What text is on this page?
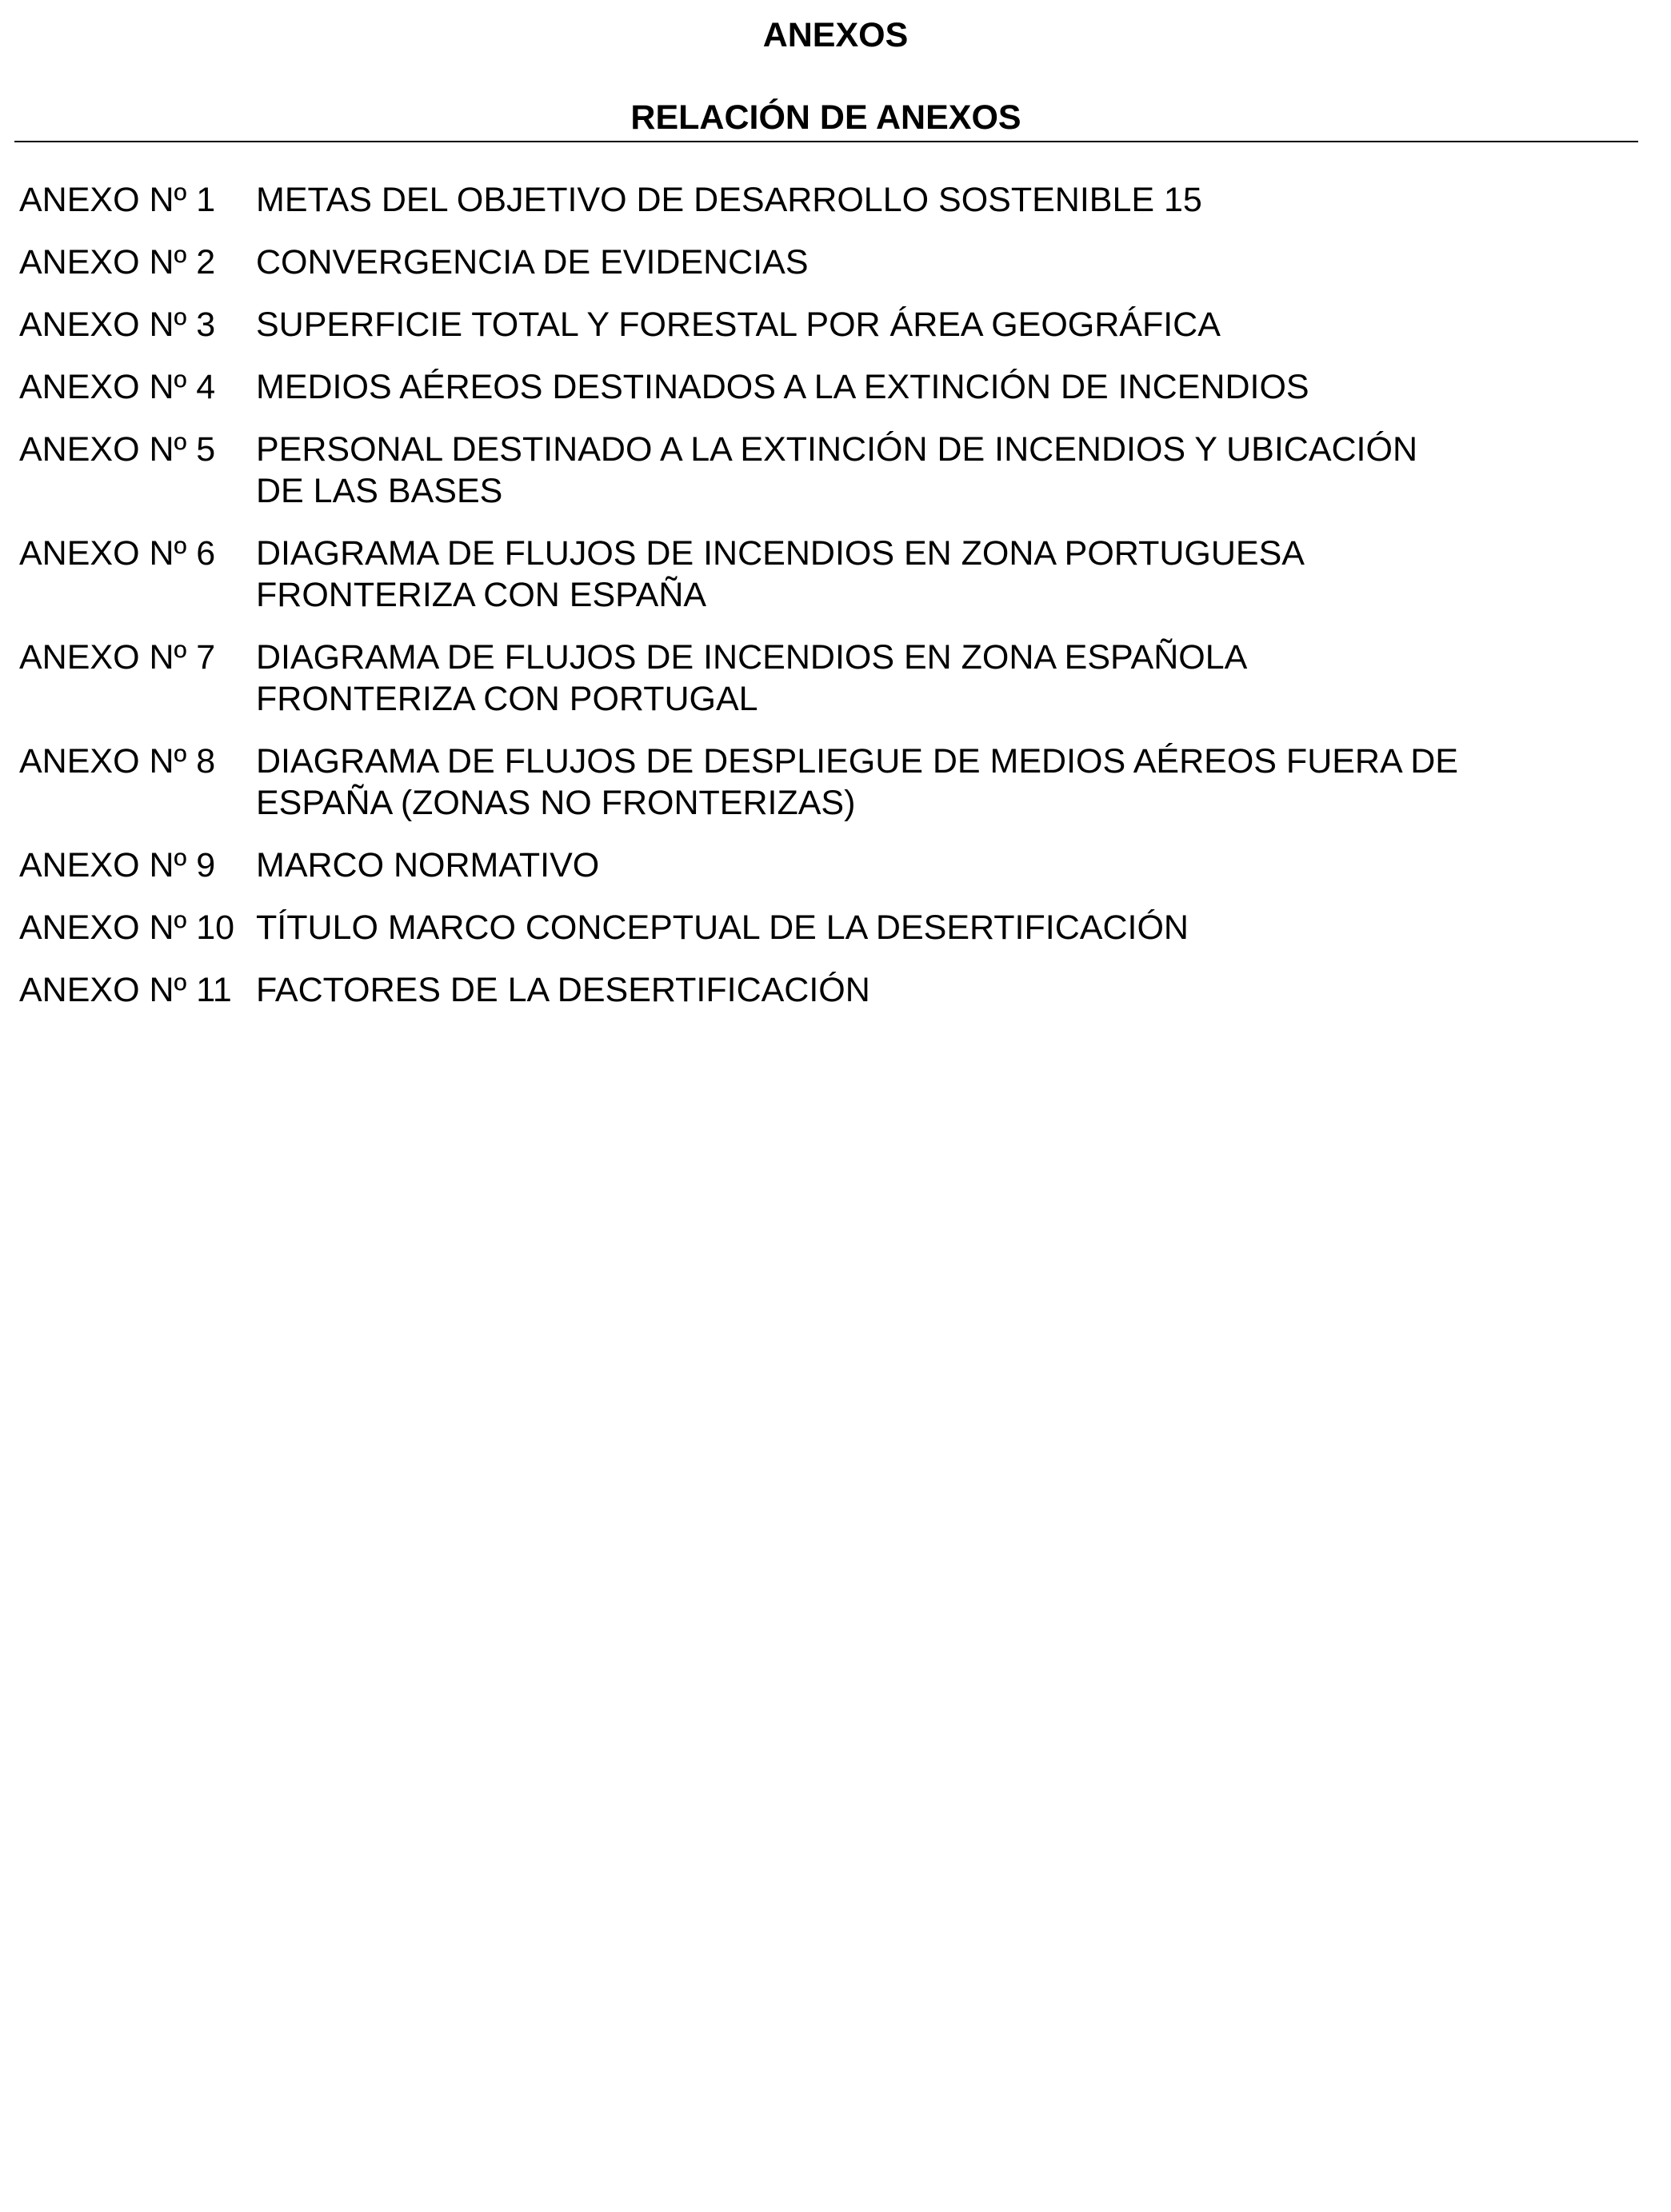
ANEXOS
RELACIÓN DE ANEXOS
ANEXO Nº 1	METAS DEL OBJETIVO DE DESARROLLO SOSTENIBLE 15
ANEXO Nº 2	CONVERGENCIA DE EVIDENCIAS
ANEXO Nº 3	SUPERFICIE TOTAL Y FORESTAL POR ÁREA GEOGRÁFICA
ANEXO Nº 4	MEDIOS AÉREOS DESTINADOS A LA EXTINCIÓN DE INCENDIOS
ANEXO Nº 5	PERSONAL DESTINADO A LA EXTINCIÓN DE INCENDIOS Y UBICACIÓN
DE LAS BASES
ANEXO Nº 6	DIAGRAMA DE FLUJOS DE INCENDIOS EN ZONA PORTUGUESA
FRONTERIZA CON ESPAÑA
ANEXO Nº 7	DIAGRAMA DE FLUJOS DE INCENDIOS EN ZONA ESPAÑOLA
FRONTERIZA CON PORTUGAL
ANEXO Nº 8	DIAGRAMA DE FLUJOS DE DESPLIEGUE DE MEDIOS AÉREOS FUERA DE
ESPAÑA (ZONAS NO FRONTERIZAS)
ANEXO Nº 9	MARCO NORMATIVO
ANEXO Nº 10 TÍTULO MARCO CONCEPTUAL DE LA DESERTIFICACIÓN
ANEXO Nº 11 FACTORES DE LA DESERTIFICACIÓN
